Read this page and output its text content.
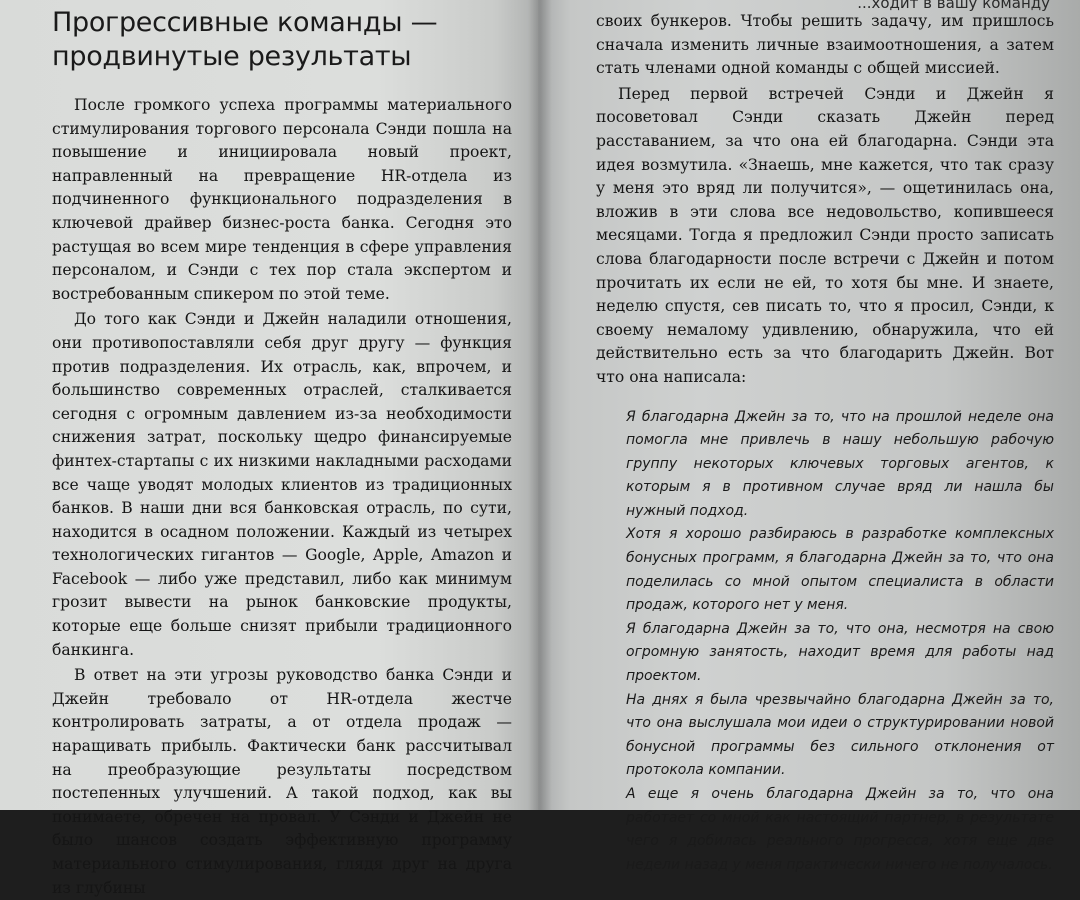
Прогрессивные команды —
продвинутые результаты

После громкого успеха программы материального стимулирования торгового персонала Сэнди пошла на повышение и инициировала новый проект, направленный на превращение HR-отдела из подчиненного функционального подразделения в ключевой драйвер бизнес-роста банка. Сегодня это растущая во всем мире тенденция в сфере управления персоналом, и Сэнди с тех пор стала экспертом и востребованным спикером по этой теме.

До того как Сэнди и Джейн наладили отношения, они противопоставляли себя друг другу — функция против подразделения. Их отрасль, как, впрочем, и большинство современных отраслей, сталкивается сегодня с огромным давлением из-за необходимости снижения затрат, поскольку щедро финансируемые финтех-стартапы с их низкими накладными расходами все чаще уводят молодых клиентов из традиционных банков. В наши дни вся банковская отрасль, по сути, находится в осадном положении. Каждый из четырех технологических гигантов — Google, Apple, Amazon и Facebook — либо уже представил, либо как минимум грозит вывести на рынок банковские продукты, которые еще больше снизят прибыли традиционного банкинга.

В ответ на эти угрозы руководство банка Сэнди и Джейн требовало от HR-отдела жестче контролировать затраты, а от отдела продаж — наращивать прибыль. Фактически банк рассчитывал на преобразующие результаты посредством постепенных улучшений. А такой подход, как вы понимаете, обречен на провал. У Сэнди и Джейн не было шансов создать эффективную программу материального стимулирования, глядя друг на друга из глубины

...ходит в вашу команду

своих бункеров. Чтобы решить задачу, им пришлось сначала изменить личные взаимоотношения, а затем стать членами одной команды с общей миссией.

Перед первой встречей Сэнди и Джейн я посоветовал Сэнди сказать Джейн перед расставанием, за что она ей благодарна. Сэнди эта идея возмутила. «Знаешь, мне кажется, что так сразу у меня это вряд ли получится», — ощетинилась она, вложив в эти слова все недовольство, копившееся месяцами. Тогда я предложил Сэнди просто записать слова благодарности после встречи с Джейн и потом прочитать их если не ей, то хотя бы мне. И знаете, неделю спустя, сев писать то, что я просил, Сэнди, к своему немалому удивлению, обнаружила, что ей действительно есть за что благодарить Джейн. Вот что она написала:

Я благодарна Джейн за то, что на прошлой неделе она помогла мне привлечь в нашу небольшую рабочую группу некоторых ключевых торговых агентов, к которым я в противном случае вряд ли нашла бы нужный подход.

Хотя я хорошо разбираюсь в разработке комплексных бонусных программ, я благодарна Джейн за то, что она поделилась со мной опытом специалиста в области продаж, которого нет у меня.

Я благодарна Джейн за то, что она, несмотря на свою огромную занятость, находит время для работы над проектом.

На днях я была чрезвычайно благодарна Джейн за то, что она выслушала мои идеи о структурировании новой бонусной программы без сильного отклонения от протокола компании.

А еще я очень благодарна Джейн за то, что она работает со мной как настоящий партнер, в результате чего я добилась реального прогресса, хотя еще две недели назад у меня практически ничего не получалось.
